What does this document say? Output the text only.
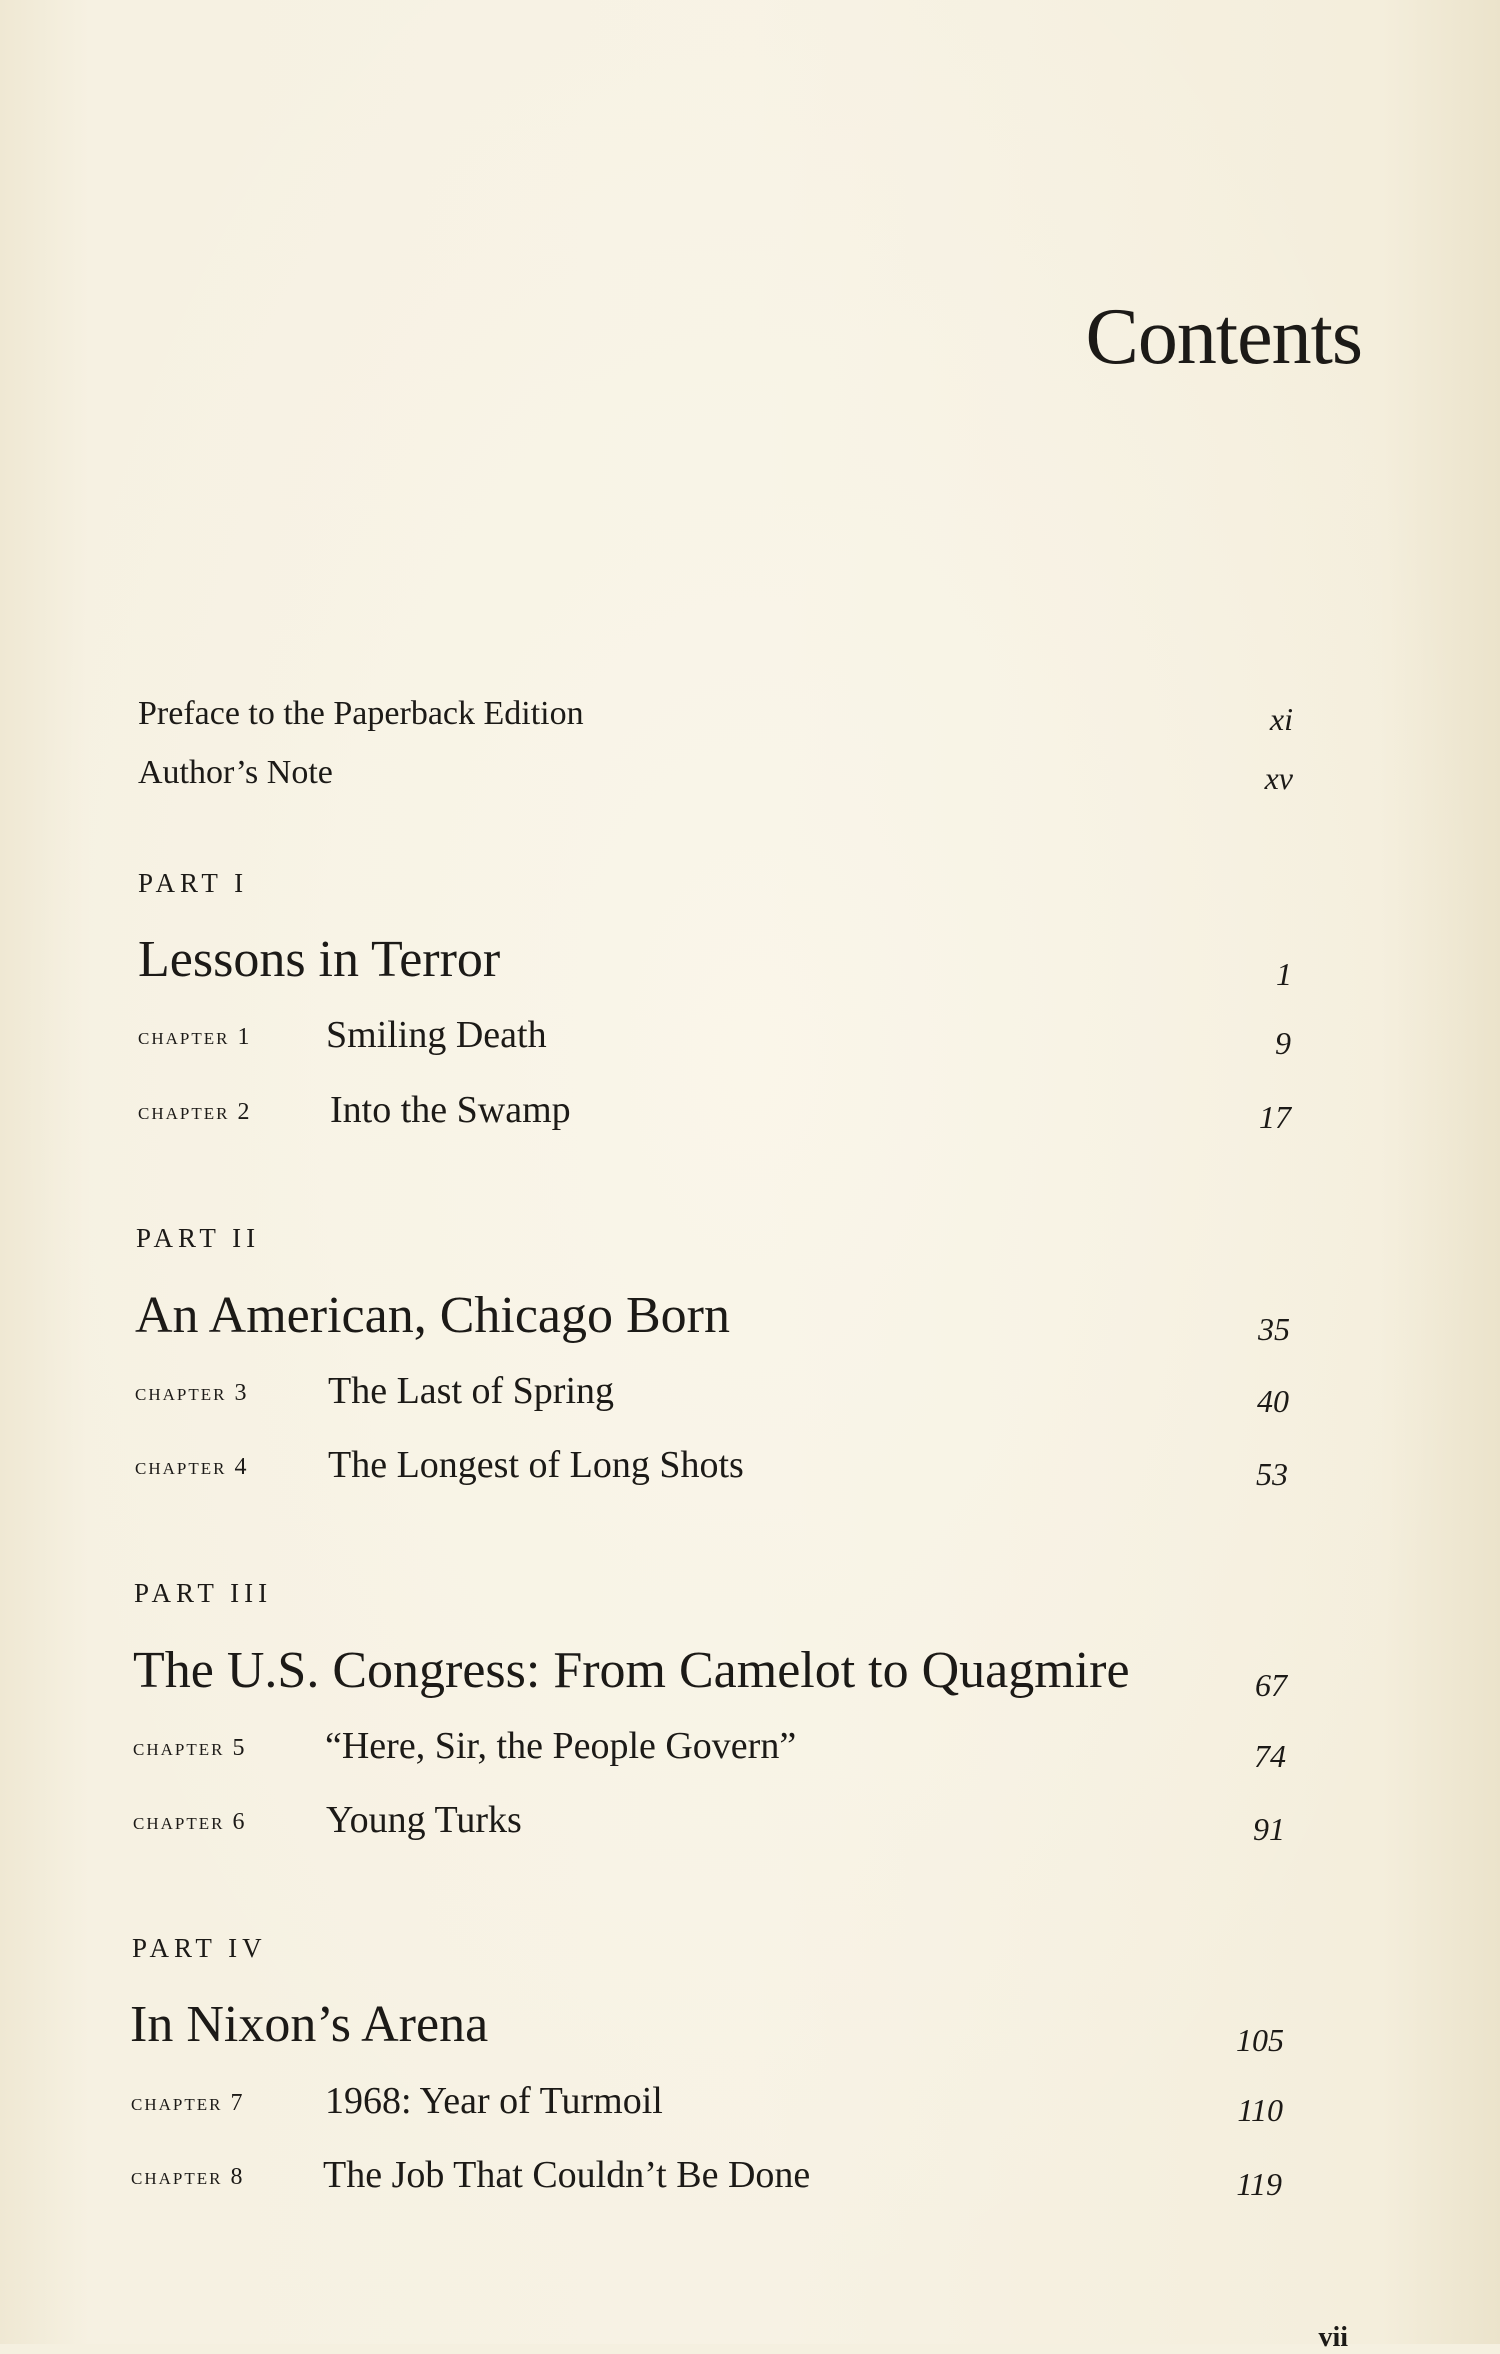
Contents
Preface to the Paperback Edition	xi
Author’s Note	xv
PART I
Lessons in Terror	1
chapter 1 Smiling Death	9
chapter 2 Into the Swamp	17
PART II
An American, Chicago Born	35
chapter 3 The Last of Spring	40
chapter 4 The Longest of Long Shots	53
PART III
The U.S. Congress: From Camelot to Quagmire	67
chapter 5 “Here, Sir, the People Govern”	74
chapter 6 Young Turks	91
PART IV
In Nixon’s Arena	105
chapter 7 1968: Year of Turmoil	110
chapter 8 The Job That Couldn’t Be Done	119
vii
